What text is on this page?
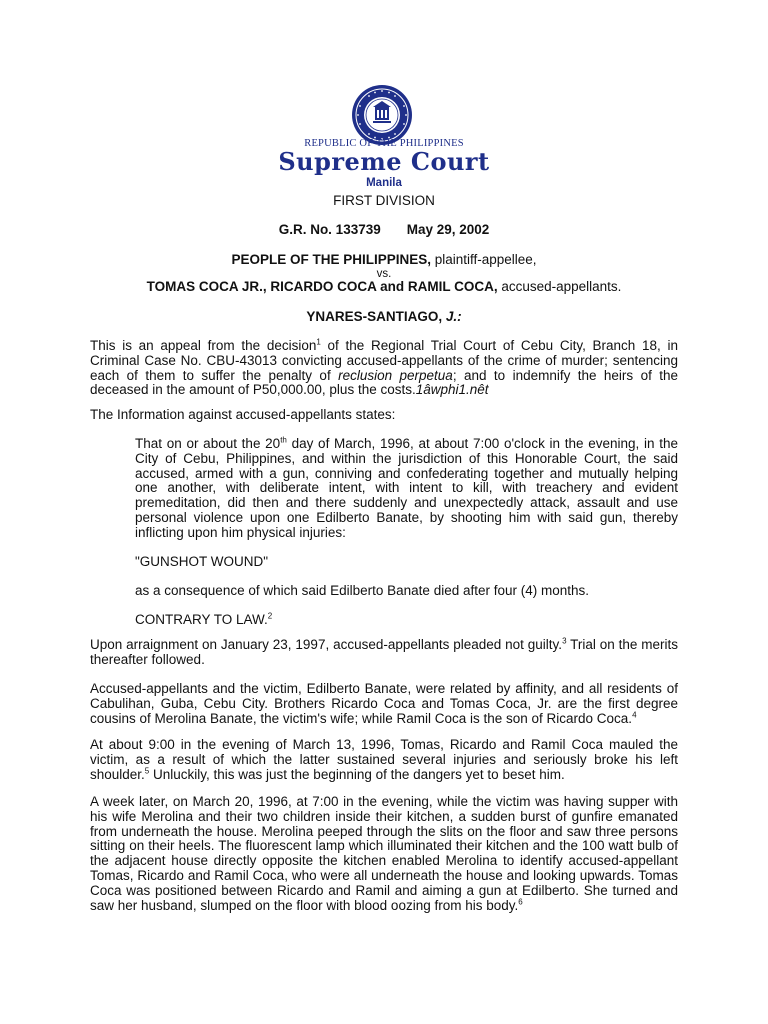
REPUBLIC OF THE PHILIPPINES
Supreme Court
Manila
FIRST DIVISION
G.R. No. 133739 May 29, 2002
PEOPLE OF THE PHILIPPINES, plaintiff-appellee,
vs.
TOMAS COCA JR., RICARDO COCA and RAMIL COCA, accused-appellants.
YNARES-SANTIAGO, J.:
This is an appeal from the decision$^1$ of the Regional Trial Court of Cebu City, Branch 18, in Criminal Case No. CBU-43013 convicting accused-appellants of the crime of murder; sentencing each of them to suffer the penalty of reclusion perpetua; and to indemnify the heirs of the deceased in the amount of P50,000.00, plus the costs.1âwphi1.nêt
The Information against accused-appellants states:
That on or about the 20th day of March, 1996, at about 7:00 o'clock in the evening, in the City of Cebu, Philippines, and within the jurisdiction of this Honorable Court, the said accused, armed with a gun, conniving and confederating together and mutually helping one another, with deliberate intent, with intent to kill, with treachery and evident premeditation, did then and there suddenly and unexpectedly attack, assault and use personal violence upon one Edilberto Banate, by shooting him with said gun, thereby inflicting upon him physical injuries:
"GUNSHOT WOUND"
as a consequence of which said Edilberto Banate died after four (4) months.
CONTRARY TO LAW.$^2$
Upon arraignment on January 23, 1997, accused-appellants pleaded not guilty.$^3$ Trial on the merits thereafter followed.
Accused-appellants and the victim, Edilberto Banate, were related by affinity, and all residents of Cabulihan, Guba, Cebu City. Brothers Ricardo Coca and Tomas Coca, Jr. are the first degree cousins of Merolina Banate, the victim's wife; while Ramil Coca is the son of Ricardo Coca.$^4$
At about 9:00 in the evening of March 13, 1996, Tomas, Ricardo and Ramil Coca mauled the victim, as a result of which the latter sustained several injuries and seriously broke his left shoulder.$^5$ Unluckily, this was just the beginning of the dangers yet to beset him.
A week later, on March 20, 1996, at 7:00 in the evening, while the victim was having supper with his wife Merolina and their two children inside their kitchen, a sudden burst of gunfire emanated from underneath the house. Merolina peeped through the slits on the floor and saw three persons sitting on their heels. The fluorescent lamp which illuminated their kitchen and the 100 watt bulb of the adjacent house directly opposite the kitchen enabled Merolina to identify accused-appellant Tomas, Ricardo and Ramil Coca, who were all underneath the house and looking upwards. Tomas Coca was positioned between Ricardo and Ramil and aiming a gun at Edilberto. She turned and saw her husband, slumped on the floor with blood oozing from his body.$^6$
